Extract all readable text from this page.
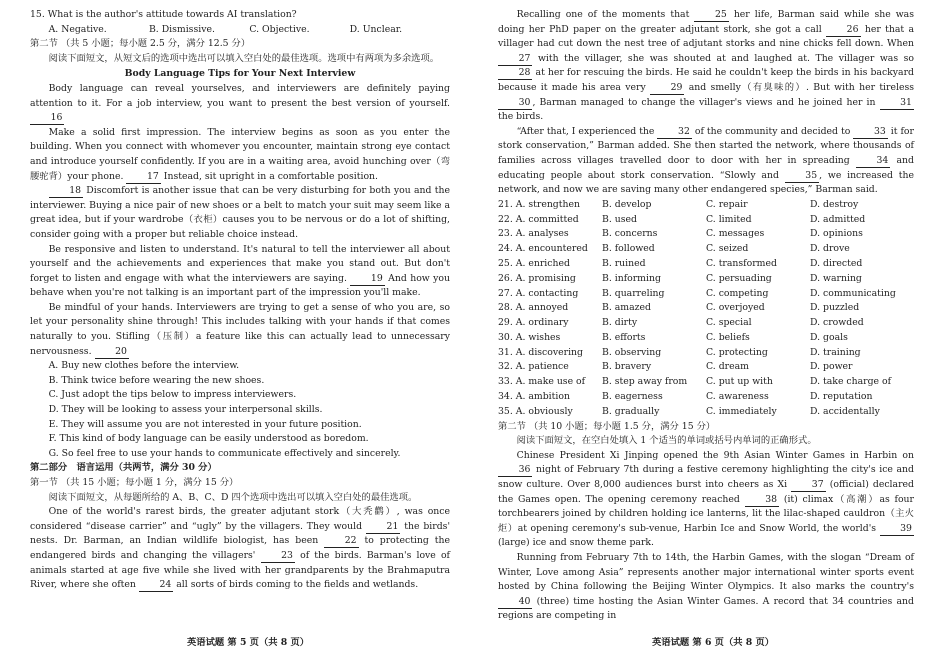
15. What is the author's attitude towards AI translation?

A. Negative.	B. Dismissive.	C. Objective.	D. Unclear.

第二节 （共 5 小题；每小题 2.5 分，满分 12.5 分）

阅读下面短文，从短文后的选项中选出可以填入空白处的最佳选项。选项中有两项为多余选项。

Body Language Tips for Your Next Interview

Body language can reveal yourselves, and interviewers are definitely paying attention to it. For a job interview, you want to present the best version of yourself. 16

Make a solid first impression. The interview begins as soon as you enter the building. When you connect with whomever you encounter, maintain strong eye contact and introduce yourself confidently. If you are in a waiting area, avoid hunching over（弯腰驼背）your phone.	17 Instead, sit upright in a comfortable position.

18 Discomfort is another issue that can be very disturbing for both you and the interviewer. Buying a nice pair of new shoes or a belt to match your suit may seem like a great idea, but if your wardrobe（衣柜）causes you to be nervous or do a lot of shifting, consider going with a proper but reliable choice instead.

Be responsive and listen to understand. It's natural to tell the interviewer all about yourself and the achievements and experiences that make you stand out. But don't forget to listen and engage with what the interviewers are saying.	19 And how you behave when you're not talking is an important part of the impression you'll make.

Be mindful of your hands. Interviewers are trying to get a sense of who you are, so let your personality shine through! This includes talking with your hands if that comes naturally to you. Stifling（压制）a feature like this can actually lead to unnecessary nervousness.	20

A. Buy new clothes before the interview.

B. Think twice before wearing the new shoes.

C. Just adopt the tips below to impress interviewers.

D. They will be looking to assess your interpersonal skills.

E. They will assume you are not interested in your future position.

F. This kind of body language can be easily understood as boredom.

G. So feel free to use your hands to communicate effectively and sincerely.

第二部分　语言运用（共两节，满分 30 分）

第一节 （共 15 小题；每小题 1 分，满分 15 分）

阅读下面短文，从每题所给的 A、B、C、D 四个选项中选出可以填入空白处的最佳选项。

One of the world's rarest birds, the greater adjutant stork（大秃鹳）, was once considered “disease carrier” and “ugly” by the villagers. They would	21 the birds' nests. Dr. Barman, an Indian wildlife biologist, has been	22 to protecting the endangered birds and changing the villagers'	23 of the birds. Barman's love of animals started at age five while she lived with her grandparents by the Brahmaputra River, where she often	24 all sorts of birds coming to the fields and wetlands.

英语试题 第 5 页（共 8 页）

Recalling one of the moments that	25 her life, Barman said while she was doing her PhD paper on the greater adjutant stork, she got a call	26 her that a villager had cut down the nest tree of adjutant storks and nine chicks fell down. When 27 with the villager, she was shouted at and laughed at. The villager was so 28 at her for rescuing the birds. He said he couldn't keep the birds in his backyard because it made his area very	29 and smelly（有臭味的）. But with her tireless 30 , Barman managed to change the villager's views and he joined her in	31 the birds.

“After that, I experienced the	32 of the community and decided to	33 it for stork conservation,” Barman added. She then started the network, where thousands of families across villages travelled door to door with her in spreading	34 and educating people about stork conservation. “Slowly and	35 , we increased the network, and now we are saving many other endangered species,” Barman said.

21. A. strengthen	B. develop	C. repair	D. destroy
22. A. committed	B. used	C. limited	D. admitted
23. A. analyses	B. concerns	C. messages	D. opinions
24. A. encountered	B. followed	C. seized	D. drove
25. A. enriched	B. ruined	C. transformed	D. directed
26. A. promising	B. informing	C. persuading	D. warning
27. A. contacting	B. quarreling	C. competing	D. communicating
28. A. annoyed	B. amazed	C. overjoyed	D. puzzled
29. A. ordinary	B. dirty	C. special	D. crowded
30. A. wishes	B. efforts	C. beliefs	D. goals
31. A. discovering	B. observing	C. protecting	D. training
32. A. patience	B. bravery	C. dream	D. power
33. A. make use of	B. step away from	C. put up with	D. take charge of
34. A. ambition	B. eagerness	C. awareness	D. reputation
35. A. obviously	B. gradually	C. immediately	D. accidentally

第二节 （共 10 小题；每小题 1.5 分，满分 15 分）

阅读下面短文，在空白处填入 1 个适当的单词或括号内单词的正确形式。

Chinese President Xi Jinping opened the 9th Asian Winter Games in Harbin on 36 night of February 7th during a festive ceremony highlighting the city's ice and snow culture. Over 8,000 audiences burst into cheers as Xi	37 (official) declared the Games open. The opening ceremony reached	38 (it) climax（高潮）as four torchbearers joined by children holding ice lanterns, lit the lilac-shaped cauldron（主火炬）at opening ceremony's sub-venue, Harbin Ice and Snow World, the world's	39 (large) ice and snow theme park.

Running from February 7th to 14th, the Harbin Games, with the slogan “Dream of Winter, Love among Asia” represents another major international winter sports event hosted by China following the Beijing Winter Olympics. It also marks the country's 40 (three) time hosting the Asian Winter Games. A record that 34 countries and regions are competing in

英语试题 第 6 页（共 8 页）
